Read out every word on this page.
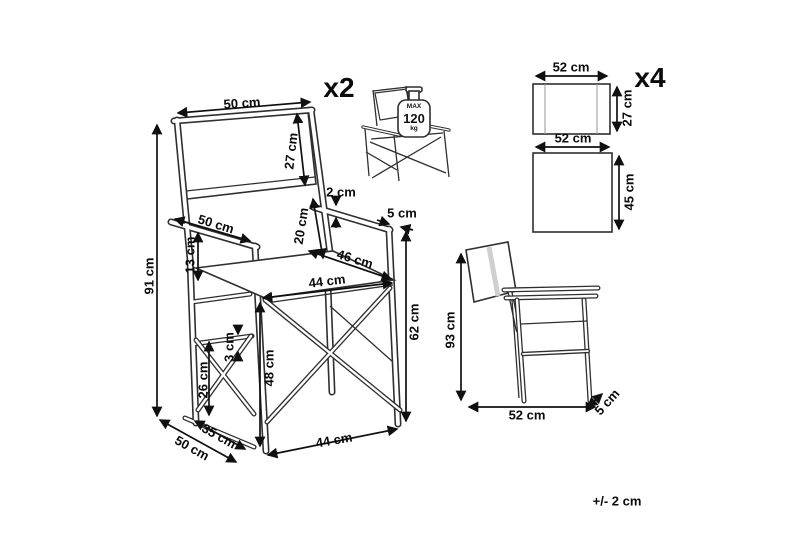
50 cm
27 cm
x2
2 cm
20 cm	5 cm
50 cm
13 cm	46 cm
44 cm
62 cm
91 cm
3 cm
26 cm	48 cm
35 cm
50 cm	44 cm
MAX
120
kg
52 cm x4
27 cm
52 cm
45 cm
93 cm
52 cm	5 cm
+/- 2 cm
